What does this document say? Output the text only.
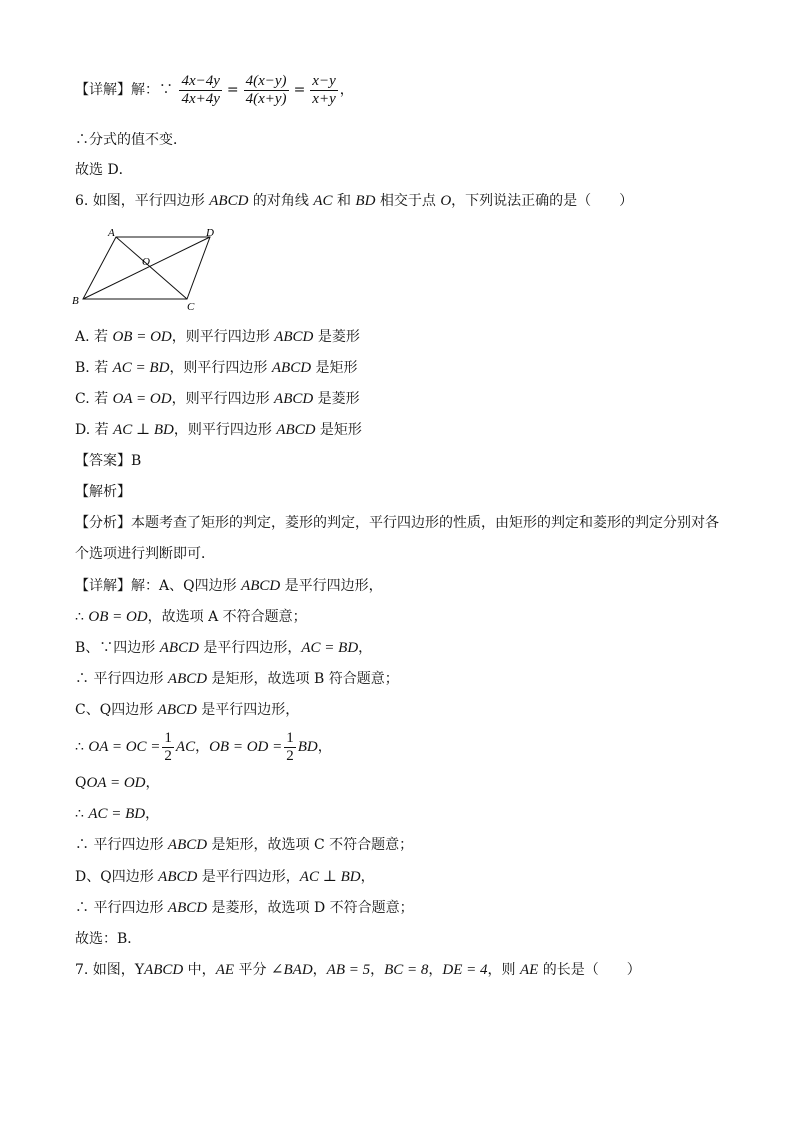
【详解】解：∵ $\frac{4x-4y}{4x+4y} = \frac{4(x-y)}{4(x+y)} = \frac{x-y}{x+y}$ ，
∴分式的值不变．
故选 D．
6. 如图，平行四边形 ABCD 的对角线 AC 和 BD 相交于点 O，下列说法正确的是（　　）
A	D
B	C
O
A. 若 OB = OD，则平行四边形 ABCD 是菱形
B. 若 AC = BD，则平行四边形 ABCD 是矩形
C. 若 OA = OD，则平行四边形 ABCD 是菱形
D. 若 AC ⊥ BD，则平行四边形 ABCD 是矩形
【答案】B
【解析】
【分析】本题考查了矩形的判定，菱形的判定，平行四边形的性质，由矩形的判定和菱形的判定分别对各
个选项进行判断即可．
【详解】解：A、Q四边形 ABCD 是平行四边形，
∴ OB = OD，故选项 A 不符合题意；
B、∵四边形 ABCD 是平行四边形，AC = BD，
∴ 平行四边形 ABCD 是矩形，故选项 B 符合题意；
C、Q四边形 ABCD 是平行四边形，
∴ OA = OC = $\frac{1}{2}$ AC，OB = OD = $\frac{1}{2}$ BD，
QOA = OD，
∴ AC = BD，
∴ 平行四边形 ABCD 是矩形，故选项 C 不符合题意；
D、Q四边形 ABCD 是平行四边形，AC ⊥ BD，
∴ 平行四边形 ABCD 是菱形，故选项 D 不符合题意；
故选：B．
7. 如图，YABCD 中，AE 平分 ∠BAD，AB = 5，BC = 8，DE = 4，则 AE 的长是（　　）
